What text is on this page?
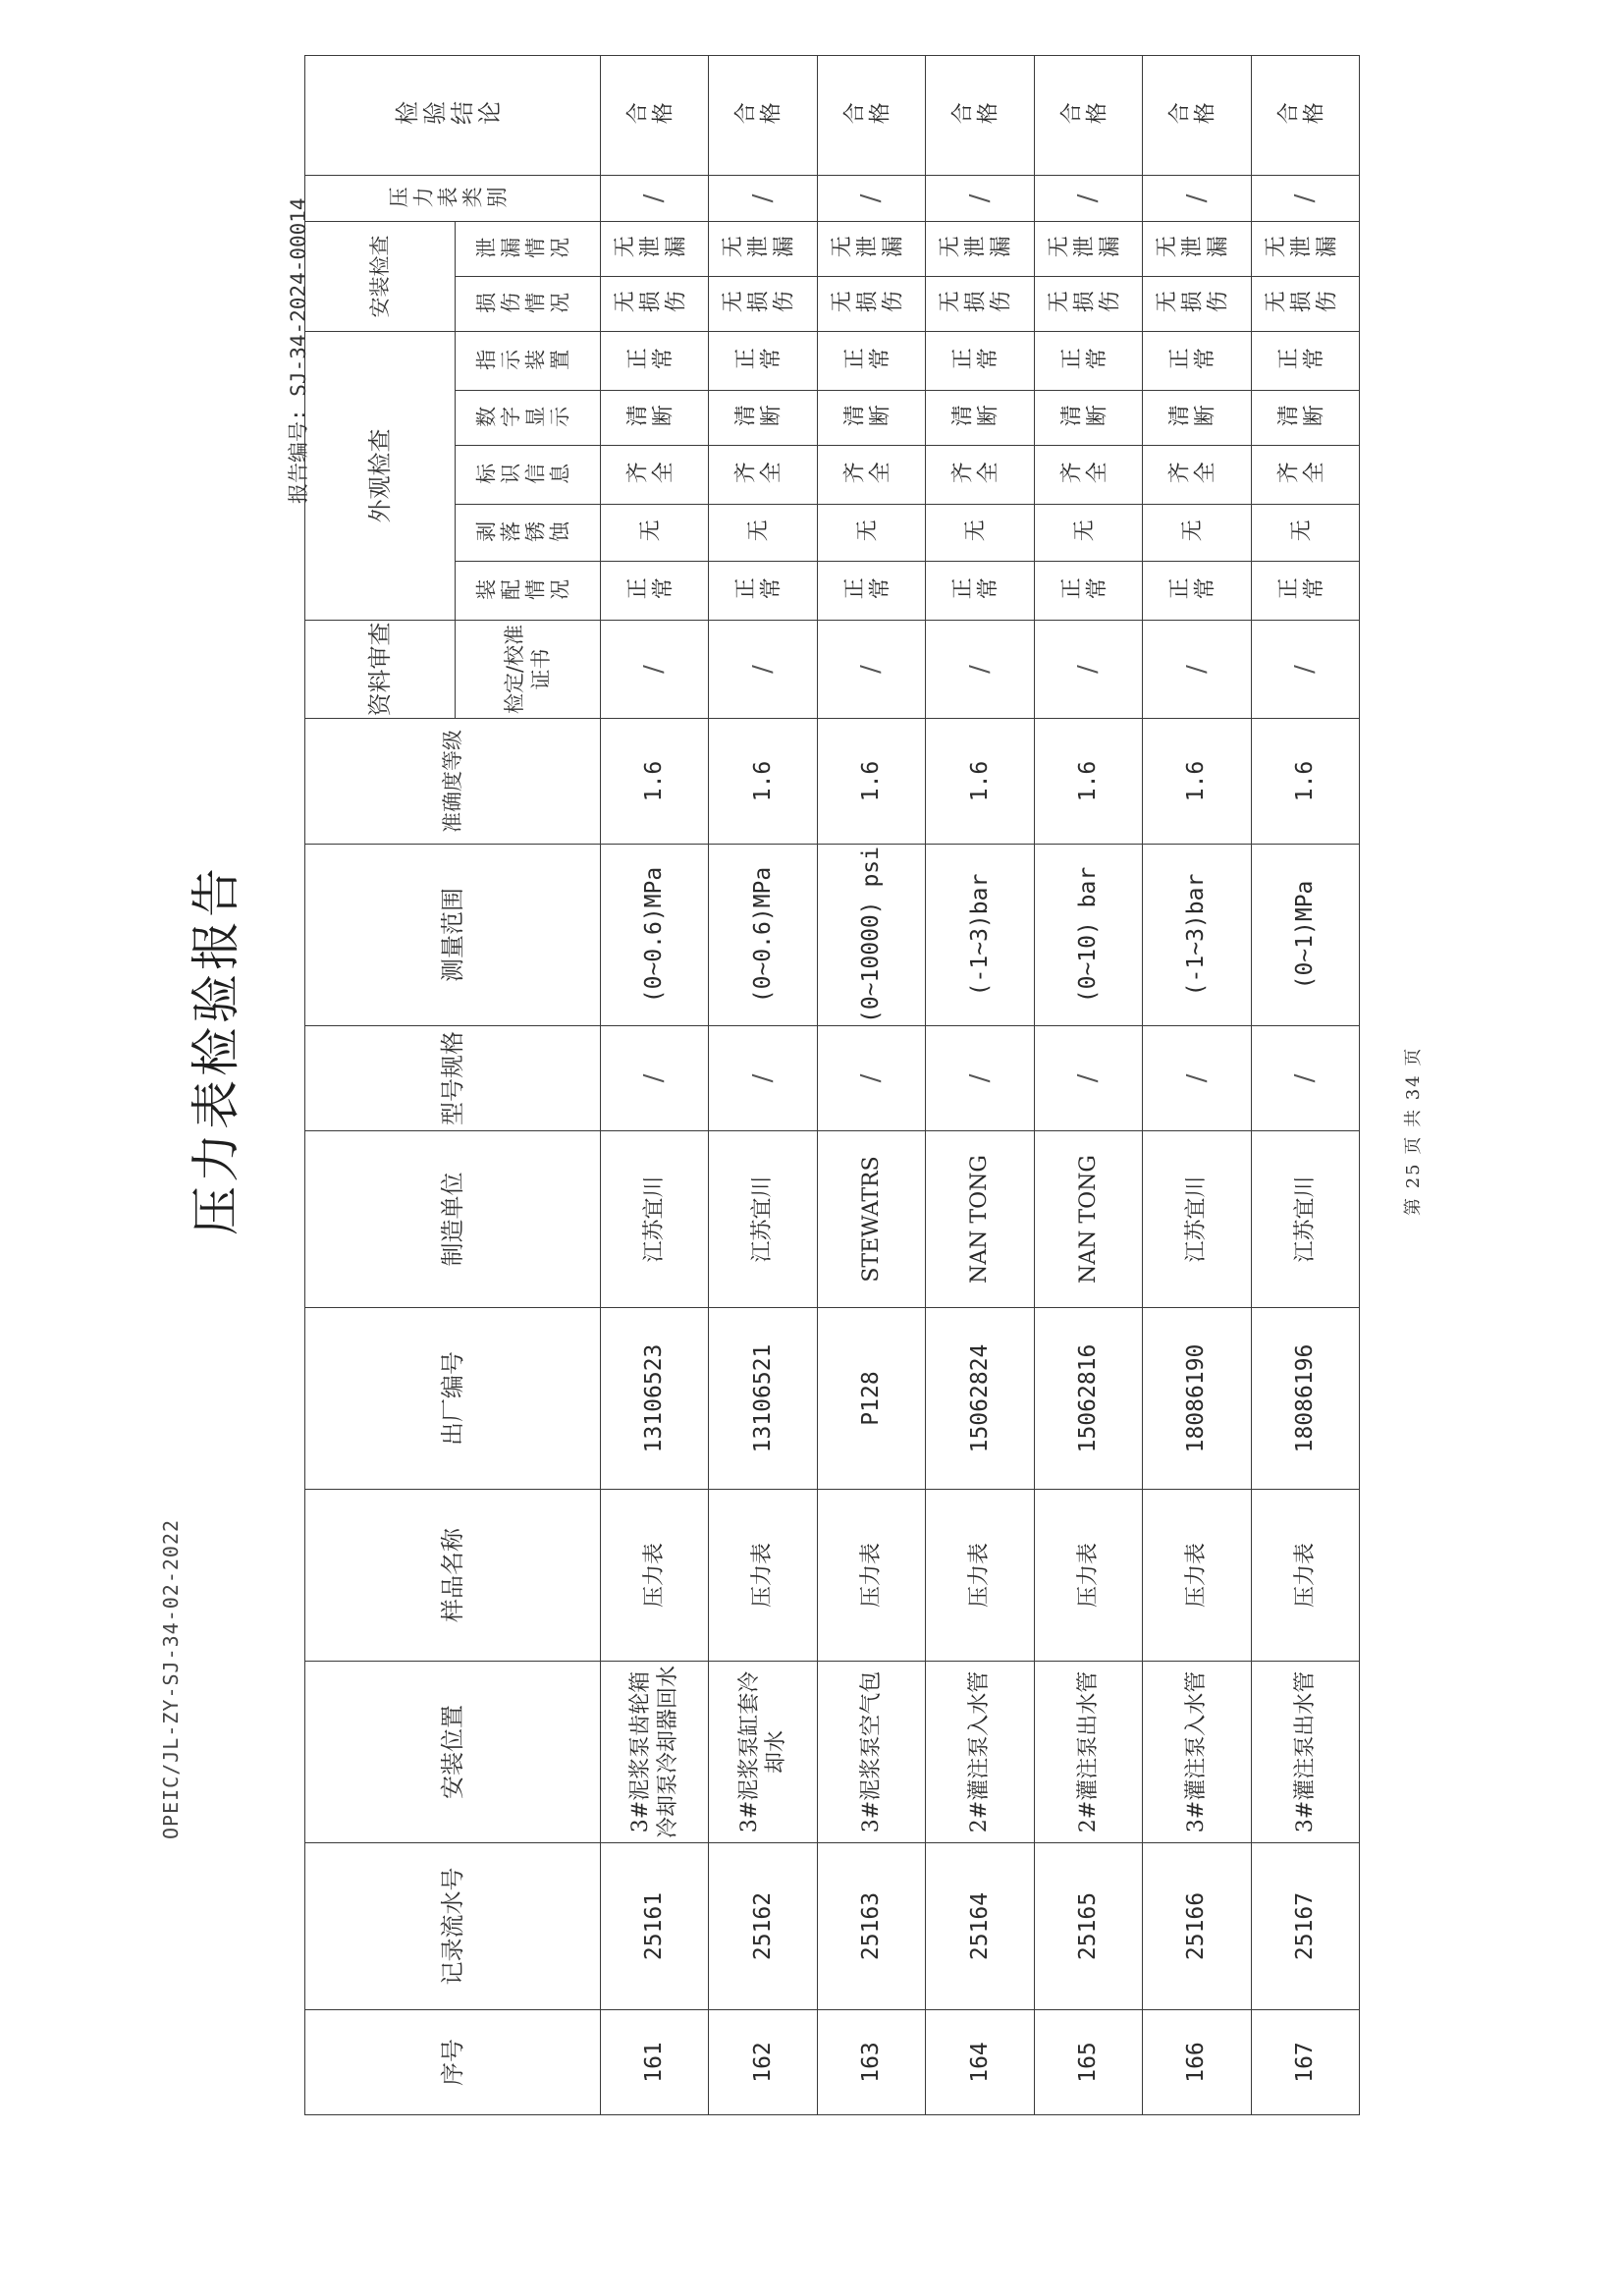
压力表检验报告
OPEIC/JL-ZY-SJ-34-02-2022
报告编号: SJ-34-2024-00014
序号	记录流水号	安装位置	样品名称	出厂编号	制造单位	型号规格	测量范围	准确度等级	资料审查	外观检查					安装检查		压力表类别	检验结论
									检定/校准证书	装配情况	剥落锈蚀	标识信息	数字显示	指示装置	损伤情况	泄漏情况		
161	25161	3#泥浆泵齿轮箱冷却泵冷却器回水	压力表	13106523	江苏宜川	/	(0~0.6)MPa	1.6	/	正常	无	齐全	清断	正常	无损伤	无泄漏	/	合格
162	25162	3#泥浆泵缸套冷却水	压力表	13106521	江苏宜川	/	(0~0.6)MPa	1.6	/	正常	无	齐全	清断	正常	无损伤	无泄漏	/	合格
163	25163	3#泥浆泵空气包	压力表	P128	STEWATRS	/	(0~10000) psi	1.6	/	正常	无	齐全	清断	正常	无损伤	无泄漏	/	合格
164	25164	2#灌注泵入水管	压力表	15062824	NAN TONG	/	(-1~3)bar	1.6	/	正常	无	齐全	清断	正常	无损伤	无泄漏	/	合格
165	25165	2#灌注泵出水管	压力表	15062816	NAN TONG	/	(0~10) bar	1.6	/	正常	无	齐全	清断	正常	无损伤	无泄漏	/	合格
166	25166	3#灌注泵入水管	压力表	18086190	江苏宜川	/	(-1~3)bar	1.6	/	正常	无	齐全	清断	正常	无损伤	无泄漏	/	合格
167	25167	3#灌注泵出水管	压力表	18086196	江苏宜川	/	(0~1)MPa	1.6	/	正常	无	齐全	清断	正常	无损伤	无泄漏	/	合格
第 25 页 共 34 页
